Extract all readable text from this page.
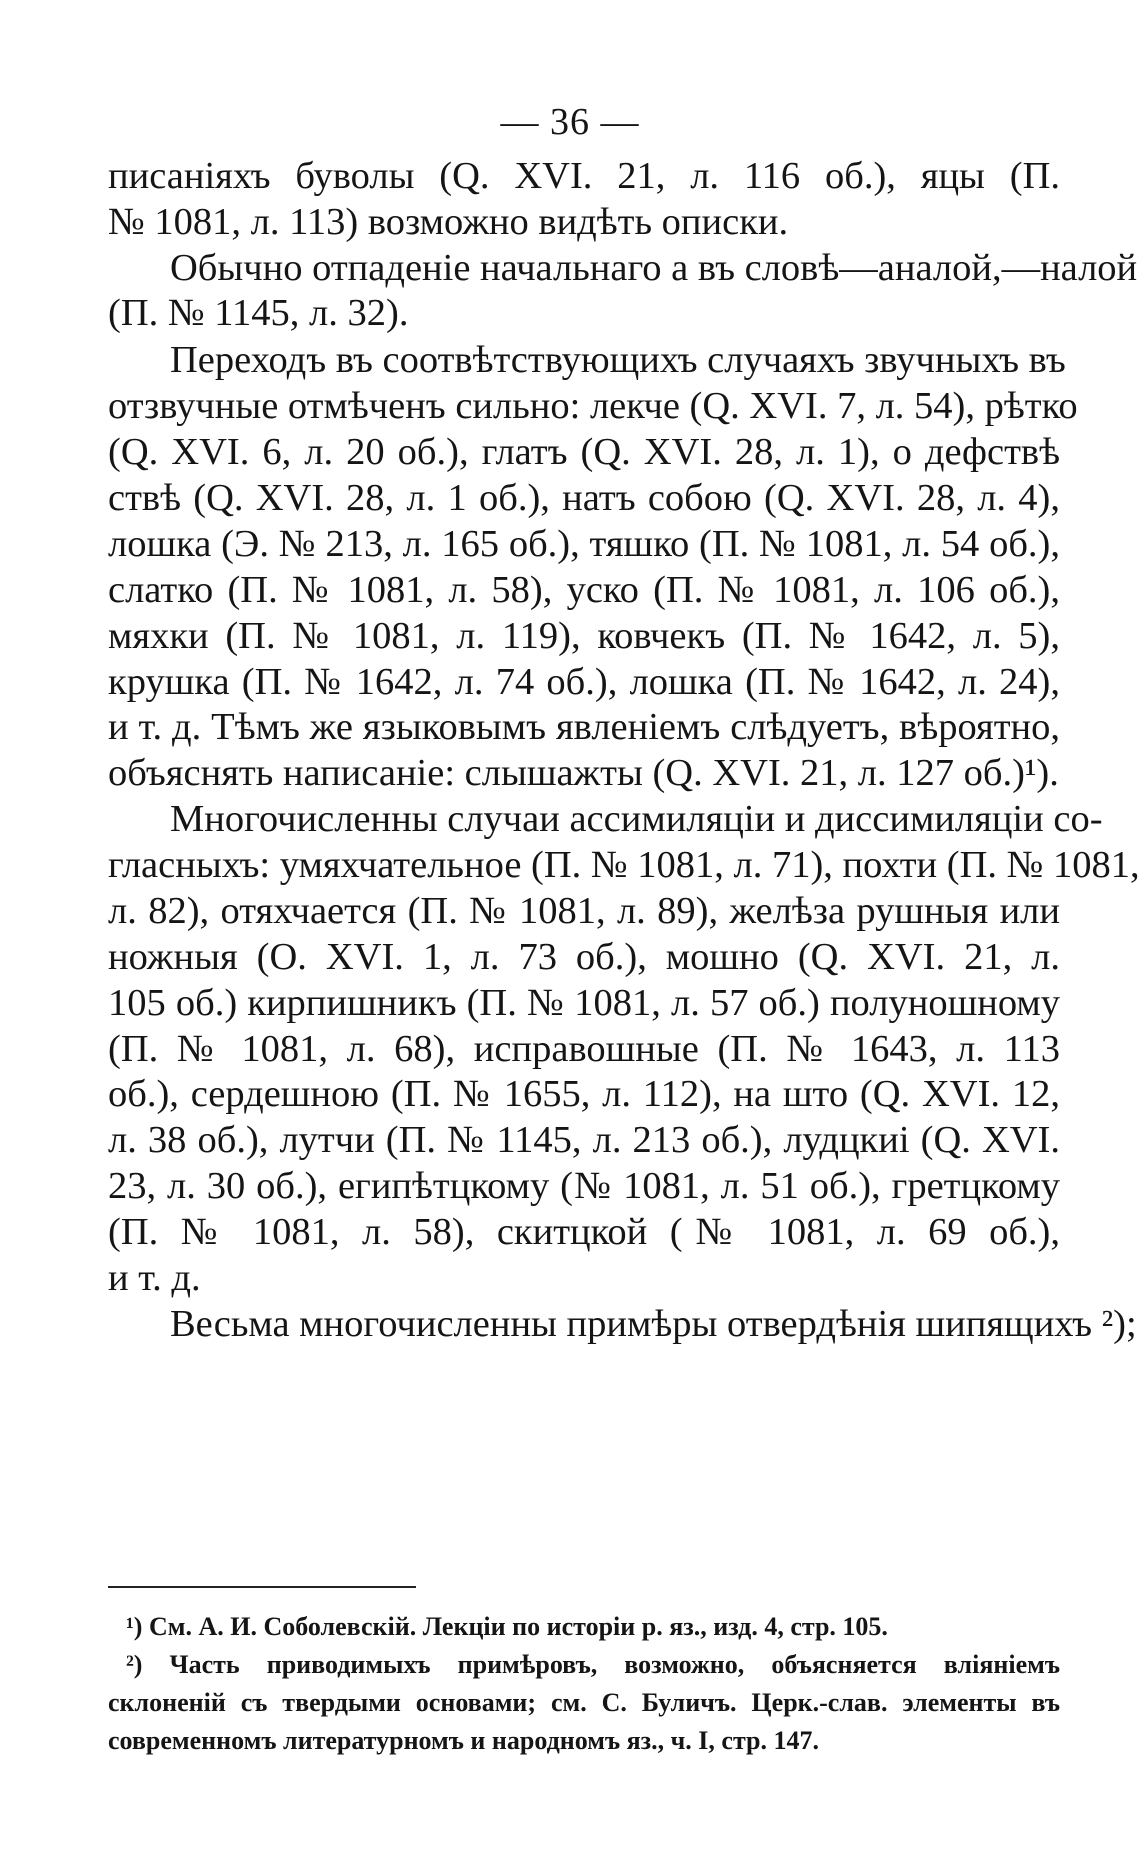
— 36 —
писаніяхъ буволы (Q. XVI. 21, л. 116 об.), яцы (П.
№ 1081, л. 113) возможно видѣть описки.
Обычно отпаденіе начальнаго а въ словѣ—аналой,—налой
(П. № 1145, л. 32).
Переходъ въ соотвѣтствующихъ случаяхъ звучныхъ въ
отзвучные отмѣченъ сильно: лекче (Q. XVI. 7, л. 54), рѣтко
(Q. XVI. 6, л. 20 об.), глатъ (Q. XVI. 28, л. 1), о дефствѣ
ствѣ (Q. XVI. 28, л. 1 об.), натъ собою (Q. XVI. 28, л. 4),
лошка (Э. № 213, л. 165 об.), тяшко (П. № 1081, л. 54 об.),
слатко (П. № 1081, л. 58), уско (П. № 1081, л. 106 об.),
мяхки (П. № 1081, л. 119), ковчекъ (П. № 1642, л. 5),
крушка (П. № 1642, л. 74 об.), лошка (П. № 1642, л. 24),
и т. д. Тѣмъ же языковымъ явленіемъ слѣдуетъ, вѣроятно,
объяснять написаніе: слышажты (Q. XVI. 21, л. 127 об.)¹).
Многочисленны случаи ассимиляціи и диссимиляціи со-
гласныхъ: умяхчательное (П. № 1081, л. 71), похти (П. № 1081,
л. 82), отяхчается (П. № 1081, л. 89), желѣза рушныя или
ножныя (О. XVI. 1, л. 73 об.), мошно (Q. XVI. 21, л.
105 об.) кирпишникъ (П. № 1081, л. 57 об.) полуношному
(П. № 1081, л. 68), исправошные (П. № 1643, л. 113
об.), сердешною (П. № 1655, л. 112), на што (Q. XVI. 12,
л. 38 об.), лутчи (П. № 1145, л. 213 об.), лудцкиі (Q. XVI.
23, л. 30 об.), египѣтцкому (№ 1081, л. 51 об.), гретцкому
(П. № 1081, л. 58), скитцкой (№ 1081, л. 69 об.),
и т. д.
Весьма многочисленны примѣры отвердѣнія шипящихъ ²);
¹) См. А. И. Соболевскій. Лекціи по исторіи р. яз., изд. 4, стр. 105.
²) Часть приводимыхъ примѣровъ, возможно, объясняется вліяніемъ
склоненій съ твердыми основами; см. С. Буличъ. Церк.-слав. элементы въ
современномъ литературномъ и народномъ яз., ч. I, стр. 147.
